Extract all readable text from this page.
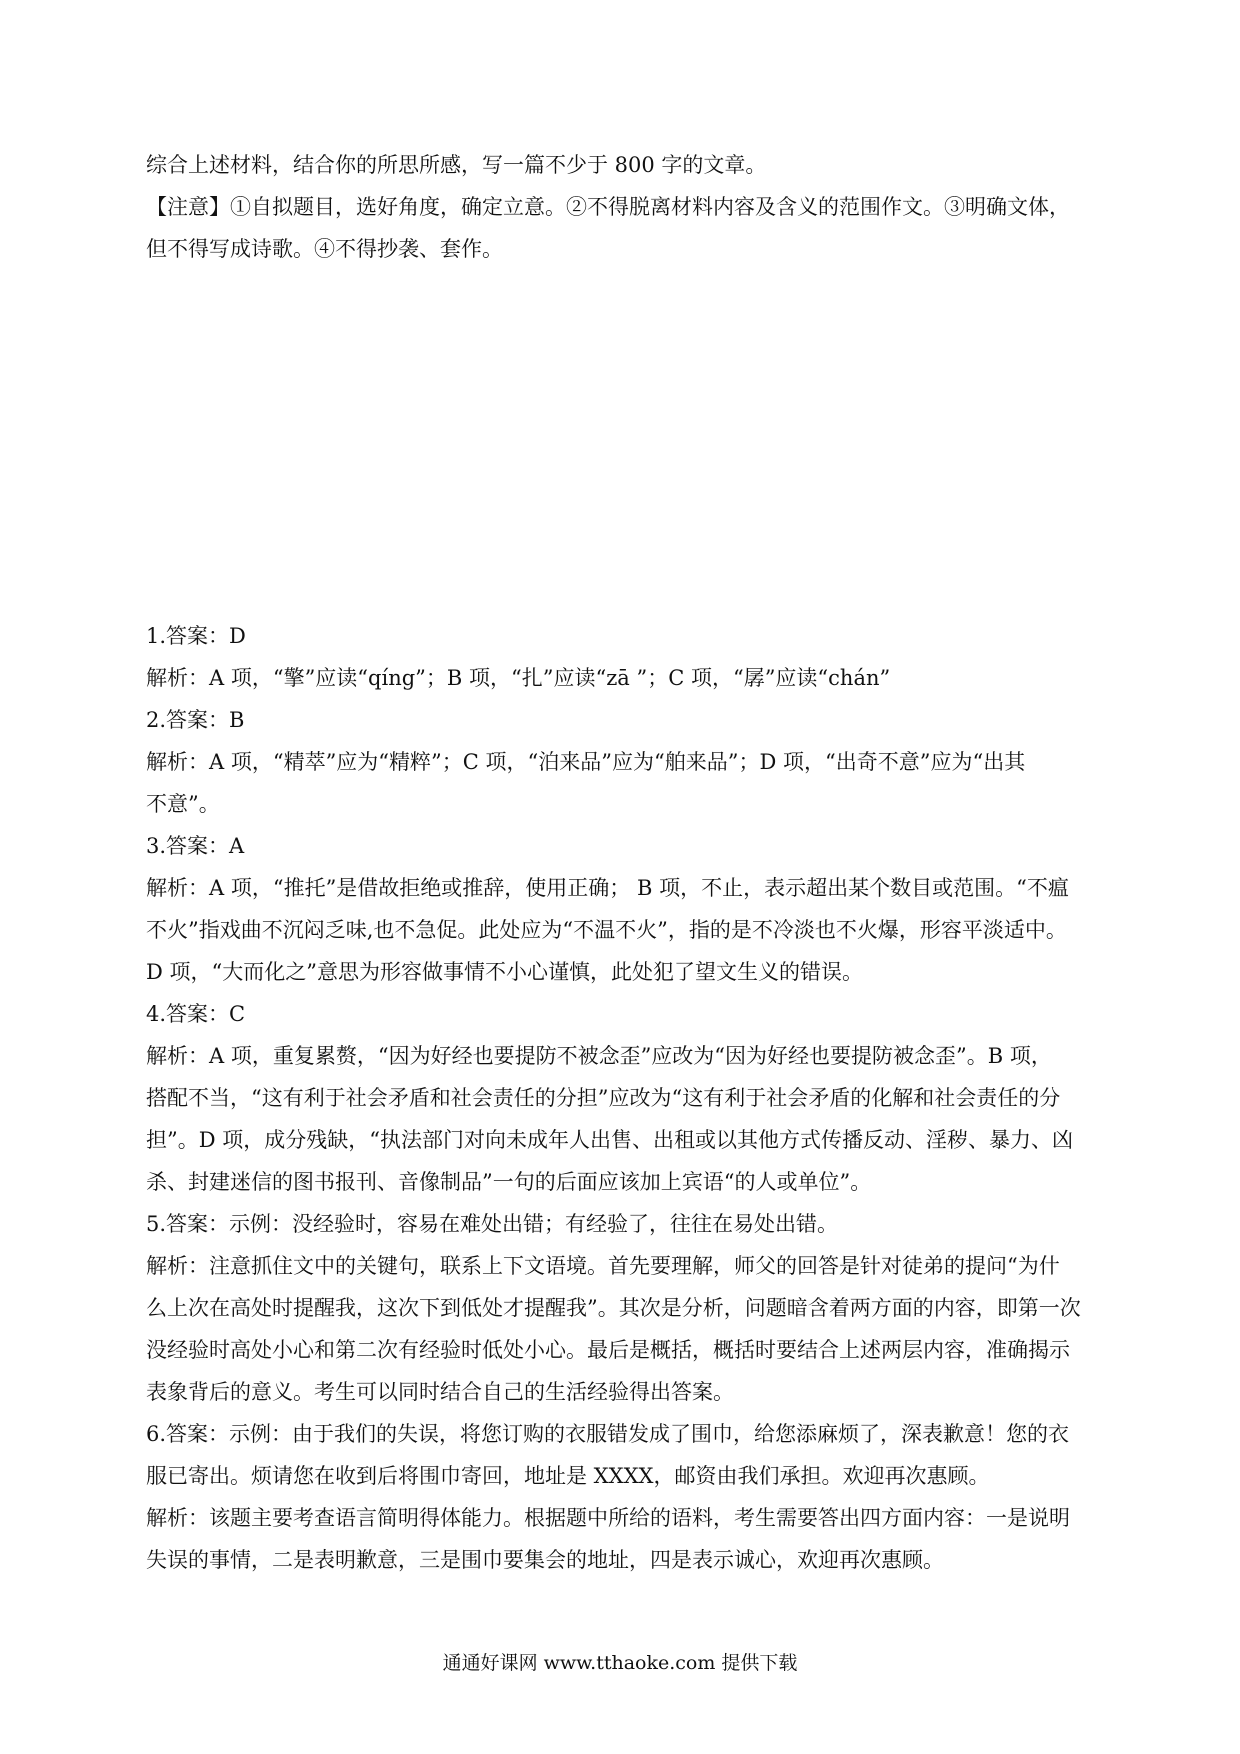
综合上述材料，结合你的所思所感，写一篇不少于 800 字的文章。
【注意】①自拟题目，选好角度，确定立意。②不得脱离材料内容及含义的范围作文。③明确文体，
但不得写成诗歌。④不得抄袭、套作。
1.答案：D
解析：A 项，“擎”应读“qíng”；B 项，“扎”应读“zā ”；C 项，“孱”应读“chán”
2.答案：B
解析：A 项，“精萃”应为“精粹”；C 项，“泊来品”应为“舶来品”；D 项，“出奇不意”应为“出其
不意”。
3.答案：A
解析：A 项，“推托”是借故拒绝或推辞，使用正确； B 项，不止，表示超出某个数目或范围。“不瘟
不火”指戏曲不沉闷乏味,也不急促。此处应为“不温不火”，指的是不冷淡也不火爆，形容平淡适中。
D 项，“大而化之”意思为形容做事情不小心谨慎，此处犯了望文生义的错误。
4.答案：C
解析：A 项，重复累赘，“因为好经也要提防不被念歪”应改为“因为好经也要提防被念歪”。B 项，
搭配不当，“这有利于社会矛盾和社会责任的分担”应改为“这有利于社会矛盾的化解和社会责任的分
担”。D 项，成分残缺，“执法部门对向未成年人出售、出租或以其他方式传播反动、淫秽、暴力、凶
杀、封建迷信的图书报刊、音像制品”一句的后面应该加上宾语“的人或单位”。
5.答案：示例：没经验时，容易在难处出错；有经验了，往往在易处出错。
解析：注意抓住文中的关键句，联系上下文语境。首先要理解，师父的回答是针对徒弟的提问“为什
么上次在高处时提醒我，这次下到低处才提醒我”。其次是分析，问题暗含着两方面的内容，即第一次
没经验时高处小心和第二次有经验时低处小心。最后是概括，概括时要结合上述两层内容，准确揭示
表象背后的意义。考生可以同时结合自己的生活经验得出答案。
6.答案：示例：由于我们的失误，将您订购的衣服错发成了围巾，给您添麻烦了，深表歉意！您的衣
服已寄出。烦请您在收到后将围巾寄回，地址是 XXXX，邮资由我们承担。欢迎再次惠顾。
解析：该题主要考查语言简明得体能力。根据题中所给的语料，考生需要答出四方面内容：一是说明
失误的事情，二是表明歉意，三是围巾要集会的地址，四是表示诚心，欢迎再次惠顾。
通通好课网 www.tthaoke.com 提供下载
